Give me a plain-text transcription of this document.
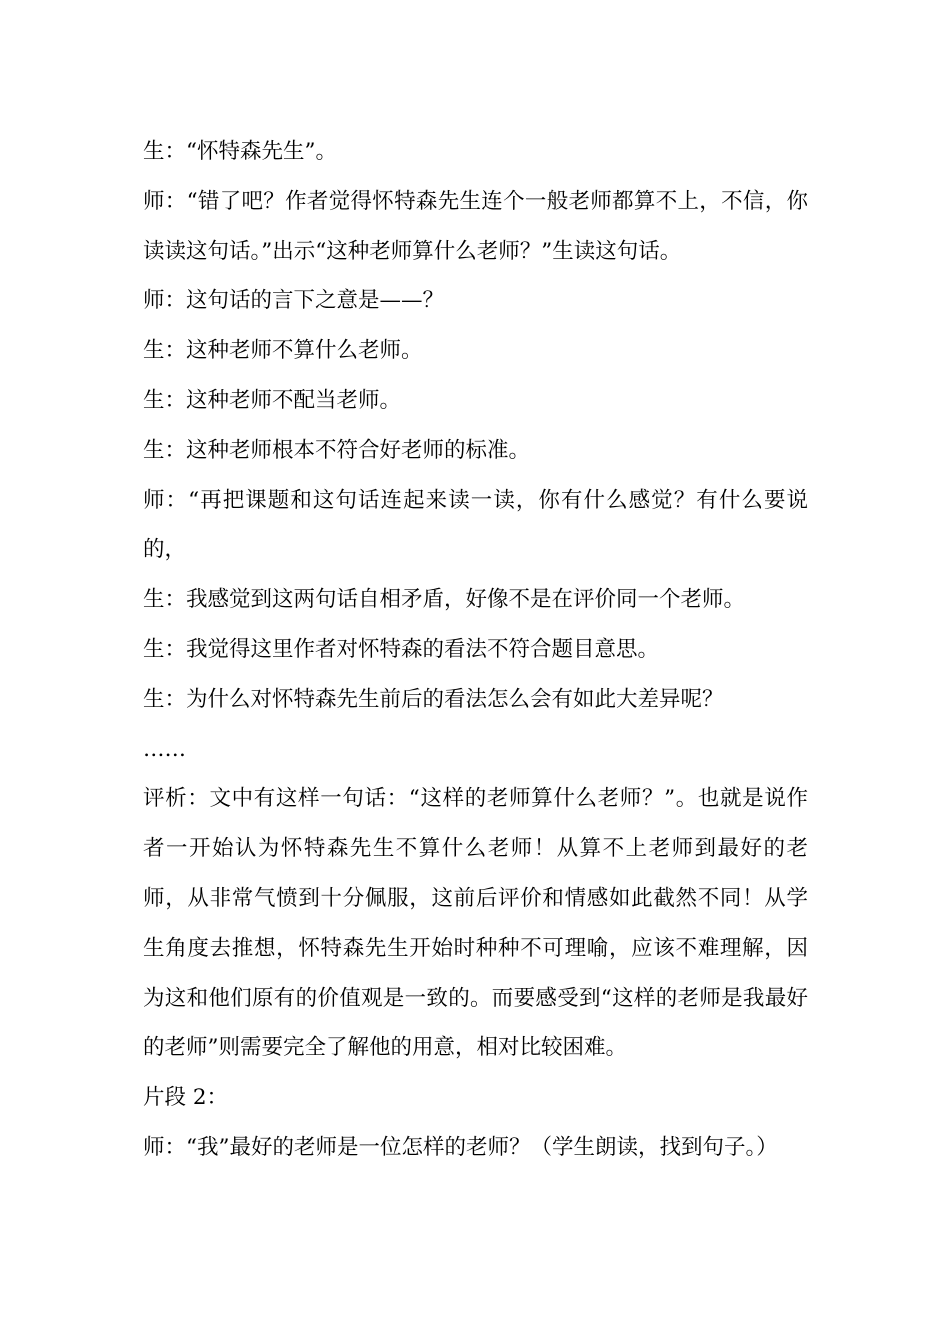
生：“怀特森先生”。

师：“错了吧？作者觉得怀特森先生连个一般老师都算不上，不信，你读读这句话。”出示“这种老师算什么老师？”生读这句话。

师：这句话的言下之意是——？

生：这种老师不算什么老师。

生：这种老师不配当老师。

生：这种老师根本不符合好老师的标准。

师：“再把课题和这句话连起来读一读，你有什么感觉？有什么要说的，

生：我感觉到这两句话自相矛盾，好像不是在评价同一个老师。

生：我觉得这里作者对怀特森的看法不符合题目意思。

生：为什么对怀特森先生前后的看法怎么会有如此大差异呢？

……

评析：文中有这样一句话：“这样的老师算什么老师？”。也就是说作者一开始认为怀特森先生不算什么老师！从算不上老师到最好的老师，从非常气愤到十分佩服，这前后评价和情感如此截然不同！从学生角度去推想，怀特森先生开始时种种不可理喻，应该不难理解，因为这和他们原有的价值观是一致的。而要感受到“这样的老师是我最好的老师”则需要完全了解他的用意，相对比较困难。

片段 2：

师：“我”最好的老师是一位怎样的老师？（学生朗读，找到句子。）
